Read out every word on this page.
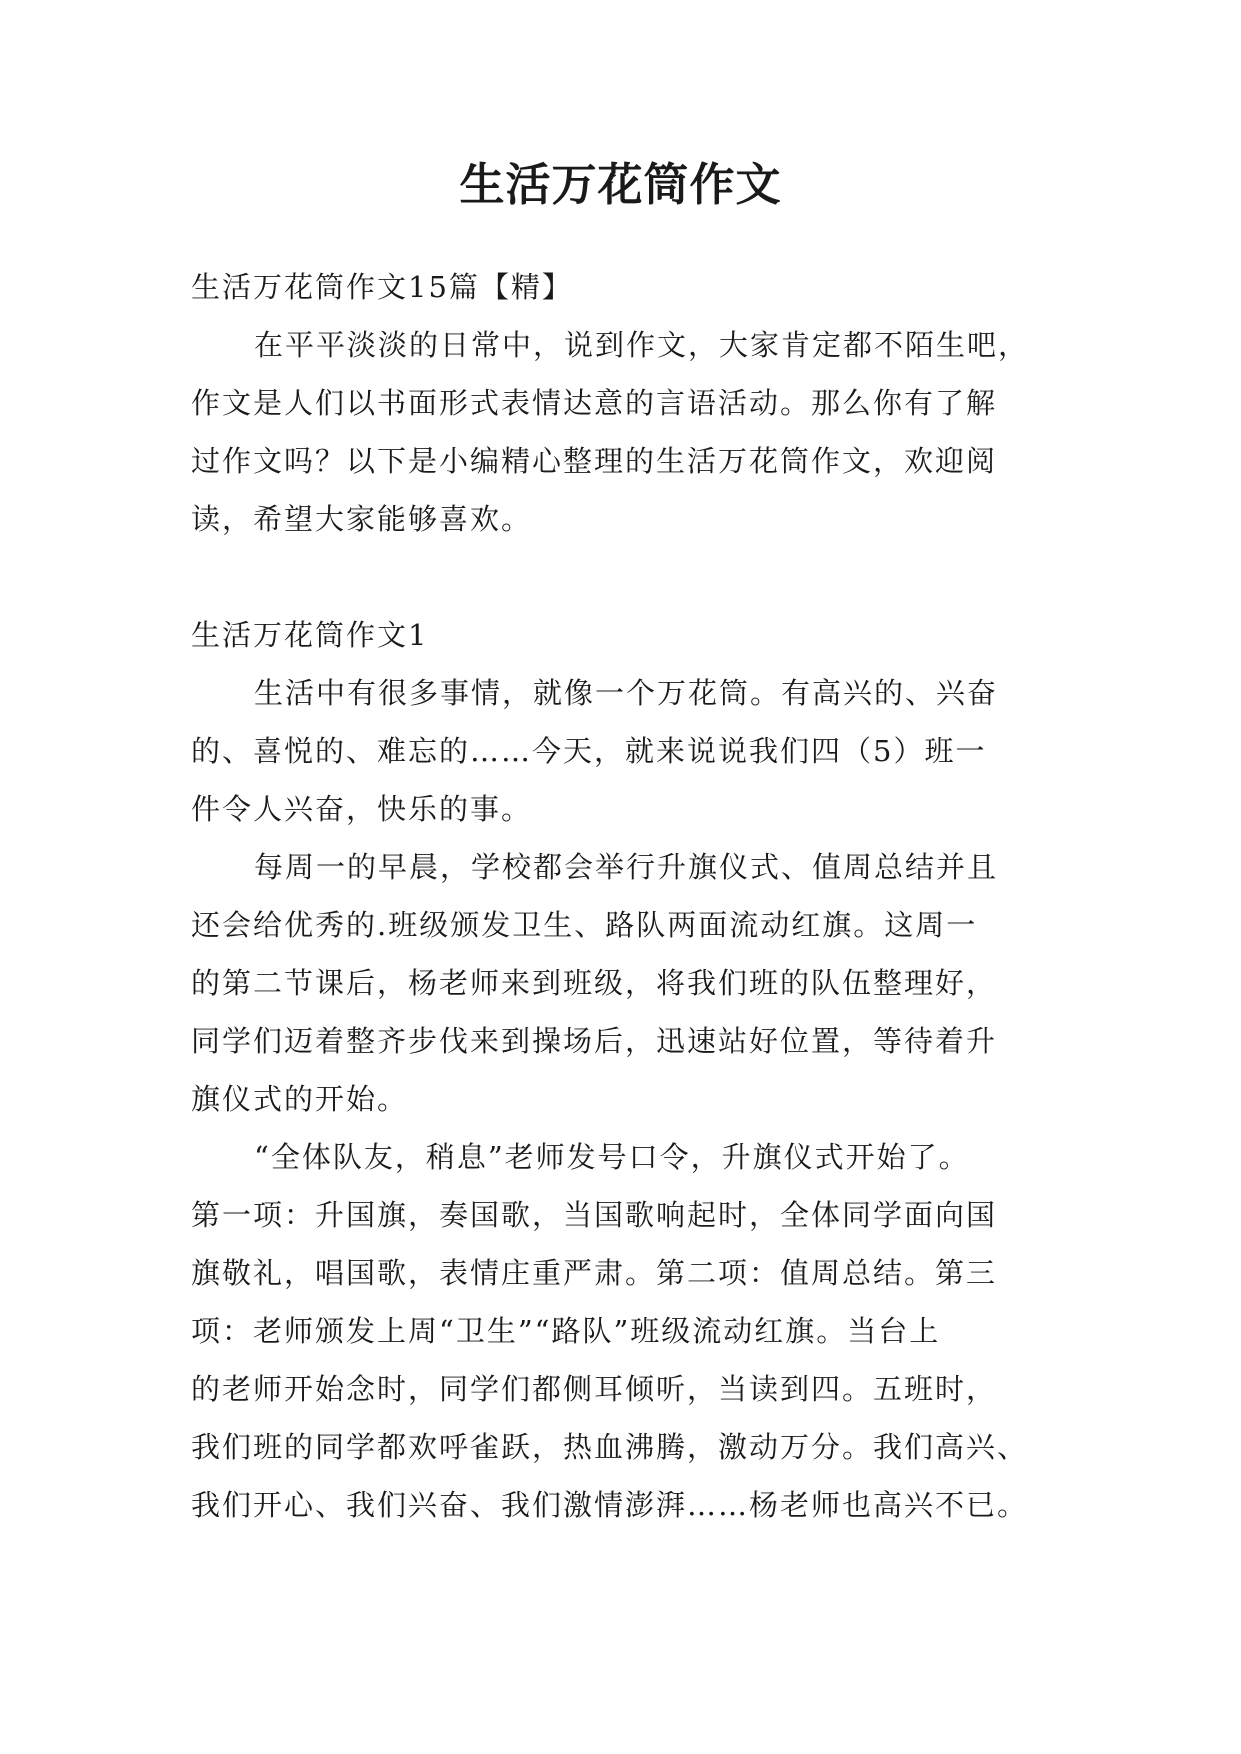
生活万花筒作文

生活万花筒作文15篇【精】

在平平淡淡的日常中，说到作文，大家肯定都不陌生吧，

作文是人们以书面形式表情达意的言语活动。那么你有了解

过作文吗？以下是小编精心整理的生活万花筒作文，欢迎阅

读，希望大家能够喜欢。

生活万花筒作文1

生活中有很多事情，就像一个万花筒。有高兴的、兴奋

的、喜悦的、难忘的……今天，就来说说我们四（5）班一

件令人兴奋，快乐的事。

每周一的早晨，学校都会举行升旗仪式、值周总结并且

还会给优秀的.班级颁发卫生、路队两面流动红旗。这周一

的第二节课后，杨老师来到班级，将我们班的队伍整理好，

同学们迈着整齐步伐来到操场后，迅速站好位置，等待着升

旗仪式的开始。

“全体队友，稍息”老师发号口令，升旗仪式开始了。

第一项：升国旗，奏国歌，当国歌响起时，全体同学面向国

旗敬礼，唱国歌，表情庄重严肃。第二项：值周总结。第三

项：老师颁发上周“卫生”“路队”班级流动红旗。当台上

的老师开始念时，同学们都侧耳倾听，当读到四。五班时，

我们班的同学都欢呼雀跃，热血沸腾，激动万分。我们高兴、

我们开心、我们兴奋、我们激情澎湃……杨老师也高兴不已。
